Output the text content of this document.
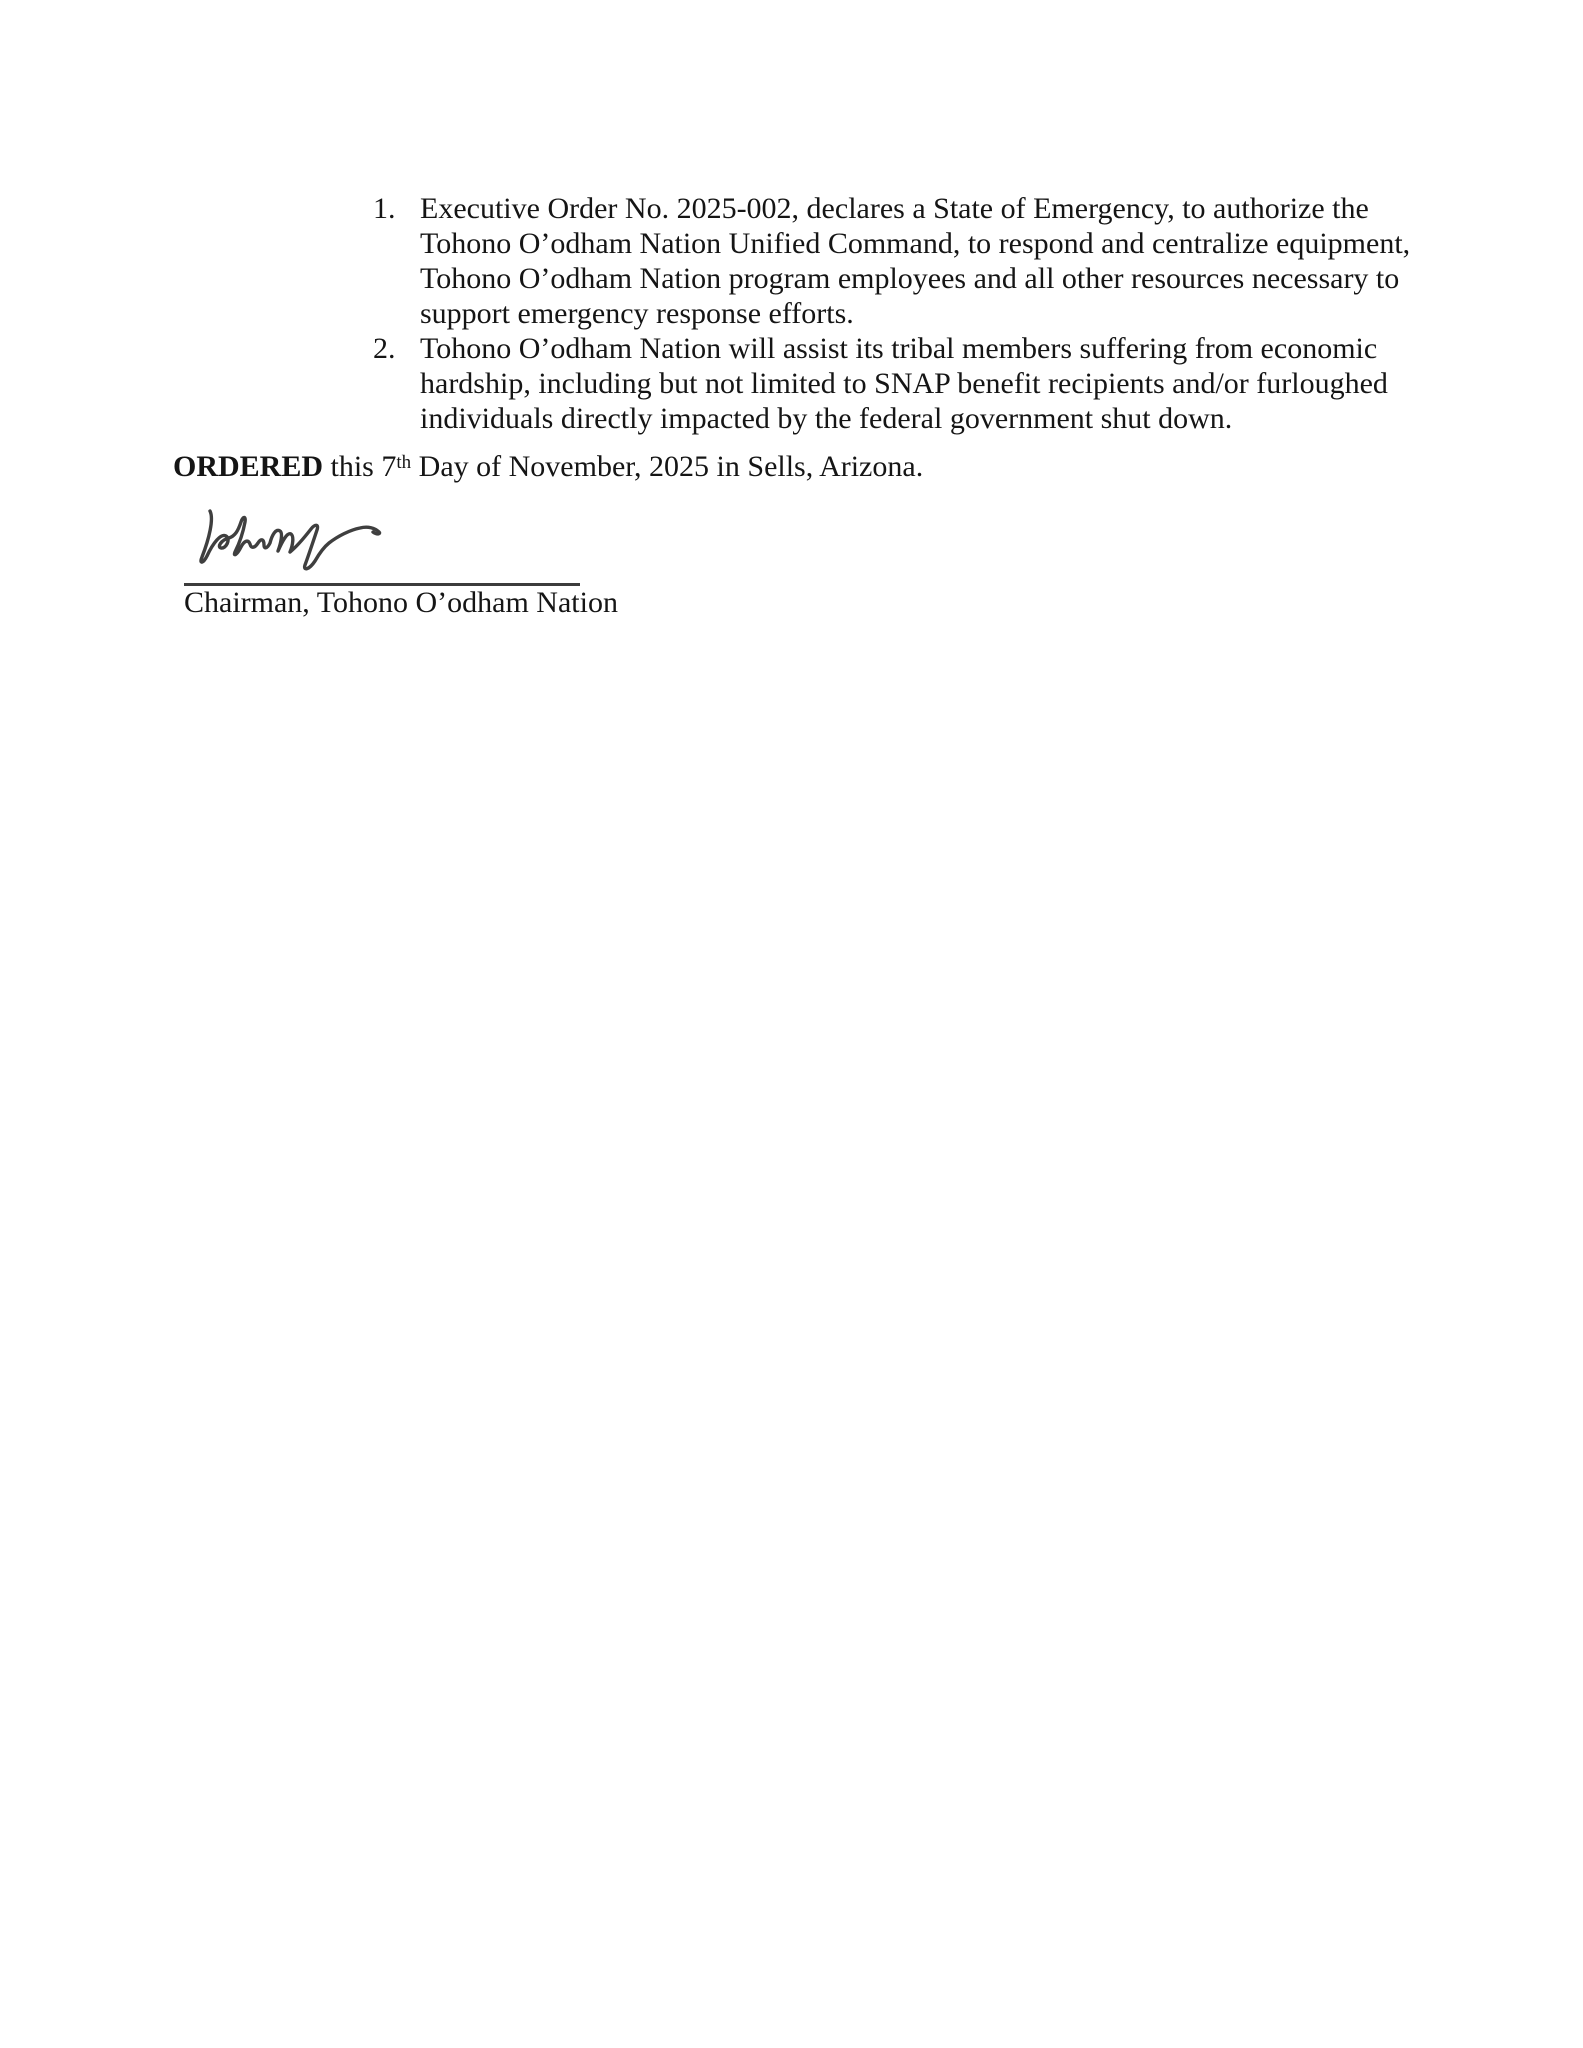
1. Executive Order No. 2025-002, declares a State of Emergency, to authorize the
Tohono O’odham Nation Unified Command, to respond and centralize equipment,
Tohono O’odham Nation program employees and all other resources necessary to
support emergency response efforts.
2. Tohono O’odham Nation will assist its tribal members suffering from economic
hardship, including but not limited to SNAP benefit recipients and/or furloughed
individuals directly impacted by the federal government shut down.
ORDERED this 7th Day of November, 2025 in Sells, Arizona.
Chairman, Tohono O’odham Nation
